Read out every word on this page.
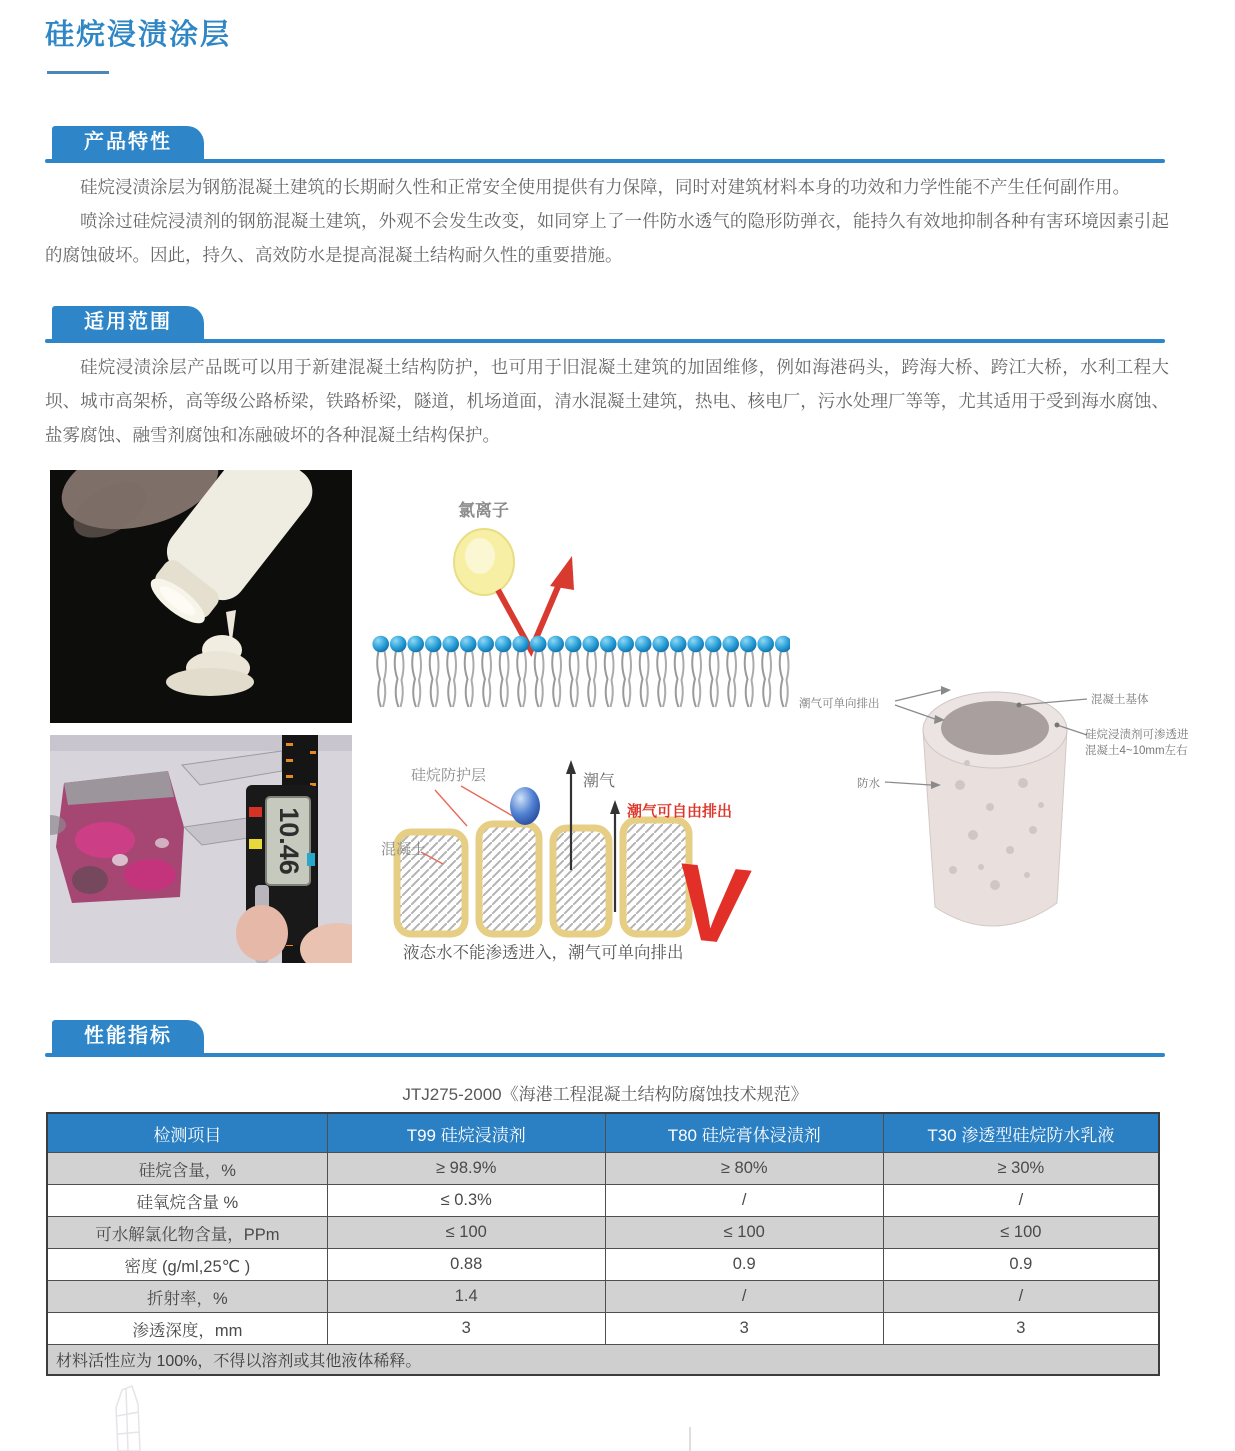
硅烷浸渍涂层
产品特性

硅烷浸渍涂层为钢筋混凝土建筑的长期耐久性和正常安全使用提供有力保障，同时对建筑材料本身的功效和力学性能不产生任何副作用。

喷涂过硅烷浸渍剂的钢筋混凝土建筑，外观不会发生改变，如同穿上了一件防水透气的隐形防弹衣，能持久有效地抑制各种有害环境因素引起的腐蚀破坏。因此，持久、高效防水是提高混凝土结构耐久性的重要措施。

适用范围

硅烷浸渍涂层产品既可以用于新建混凝土结构防护，也可用于旧混凝土建筑的加固维修，例如海港码头，跨海大桥、跨江大桥，水利工程大坝、城市高架桥，高等级公路桥梁，铁路桥梁，隧道，机场道面，清水混凝土建筑，热电、核电厂，污水处理厂等等，尤其适用于受到海水腐蚀、盐雾腐蚀、融雪剂腐蚀和冻融破坏的各种混凝土结构保护。

氯离子
潮气可单向排出	混凝土基体
硅烷浸渍剂可渗透进
混凝土4~10mm左右
防水
10.46
硅烷防护层
混凝土
潮气
潮气可自由排出
V
液态水不能渗透进入，潮气可单向排出
性能指标
JTJ275-2000《海港工程混凝土结构防腐蚀技术规范》
检测项目	T99 硅烷浸渍剂	T80 硅烷膏体浸渍剂	T30 渗透型硅烷防水乳液
硅烷含量，%	≥ 98.9%	≥ 80%	≥ 30%
硅氧烷含量 %	≤ 0.3%	/	/
可水解氯化物含量，PPm	≤ 100	≤ 100	≤ 100
密度 (g/ml,25℃ )	0.88	0.9	0.9
折射率，%	1.4	/	/
渗透深度，mm	3	3	3
材料活性应为 100%，不得以溶剂或其他液体稀释。			
